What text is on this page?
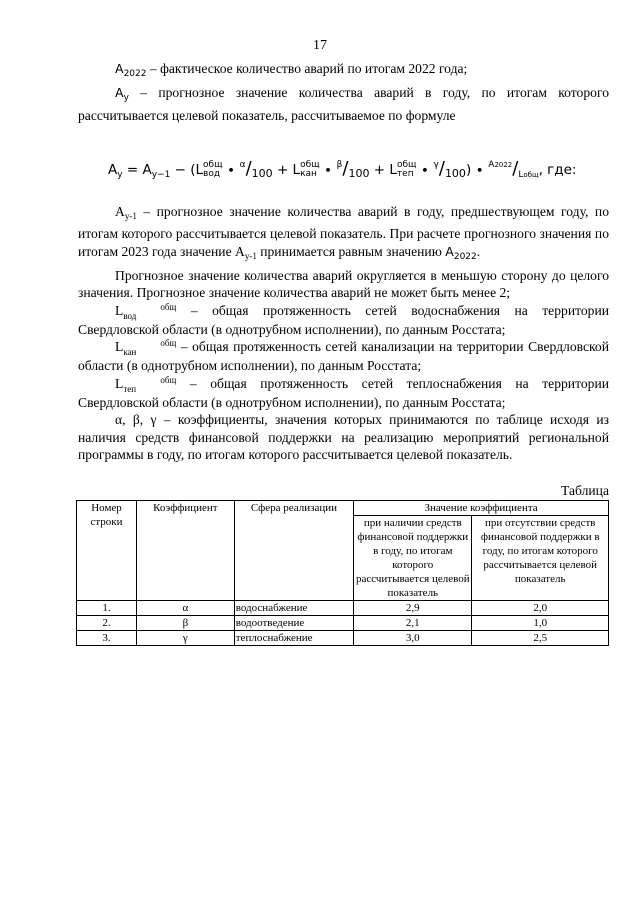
17

$А_{2022}$ – фактическое количество аварий по итогам 2022 года;

$А_у$ – прогнозное значение количества аварий в году, по итогам которого рассчитывается целевой показатель, рассчитываемое по формуле

$А_у = А_{у-1}$ − (Lобщ
вод ∙ $^\alpha/_{100}$ + Lобщ
кан ∙ $^\beta/_{100}$ + Lобщ
теп ∙ $^\gamma/_{100}) \cdot ^{А2022}/_{Lобщ}$, где:

$А_{у-1}$ – прогнозное значение количества аварий в году, предшествующем году, по итогам которого рассчитывается целевой показатель. При расчете прогнозного значения по итогам 2023 года значение $А_{у-1}$ принимается равным значению $А_{2022}$.

Прогнозное значение количества аварий округляется в меньшую сторону до целого значения. Прогнозное значение количества аварий не может быть менее 2;

L	общ
вод	– общая протяженность сетей водоснабжения на территории Свердловской области (в однотрубном исполнении), по данным Росстата;

L	общ
кан	– общая протяженность сетей канализации на территории Свердловской области (в однотрубном исполнении), по данным Росстата;

L	общ
теп	– общая протяженность сетей теплоснабжения на территории Свердловской области (в однотрубном исполнении), по данным Росстата;

α, β, γ – коэффициенты, значения которых принимаются по таблице исходя из наличия средств финансовой поддержки на реализацию мероприятий региональной программы в году, по итогам которого рассчитывается целевой показатель.

Таблица
Номер строки	Коэффициент	Сфера реализации	Значение коэффициента	
			при наличии средств финансовой поддержки в году, по итогам которого рассчитывается целевой показатель	при отсутствии средств финансовой поддержки в году, по итогам которого рассчитывается целевой показатель
1.	α	водоснабжение	2,9	2,0
2.	β	водоотведение	2,1	1,0
3.	γ	теплоснабжение	3,0	2,5
